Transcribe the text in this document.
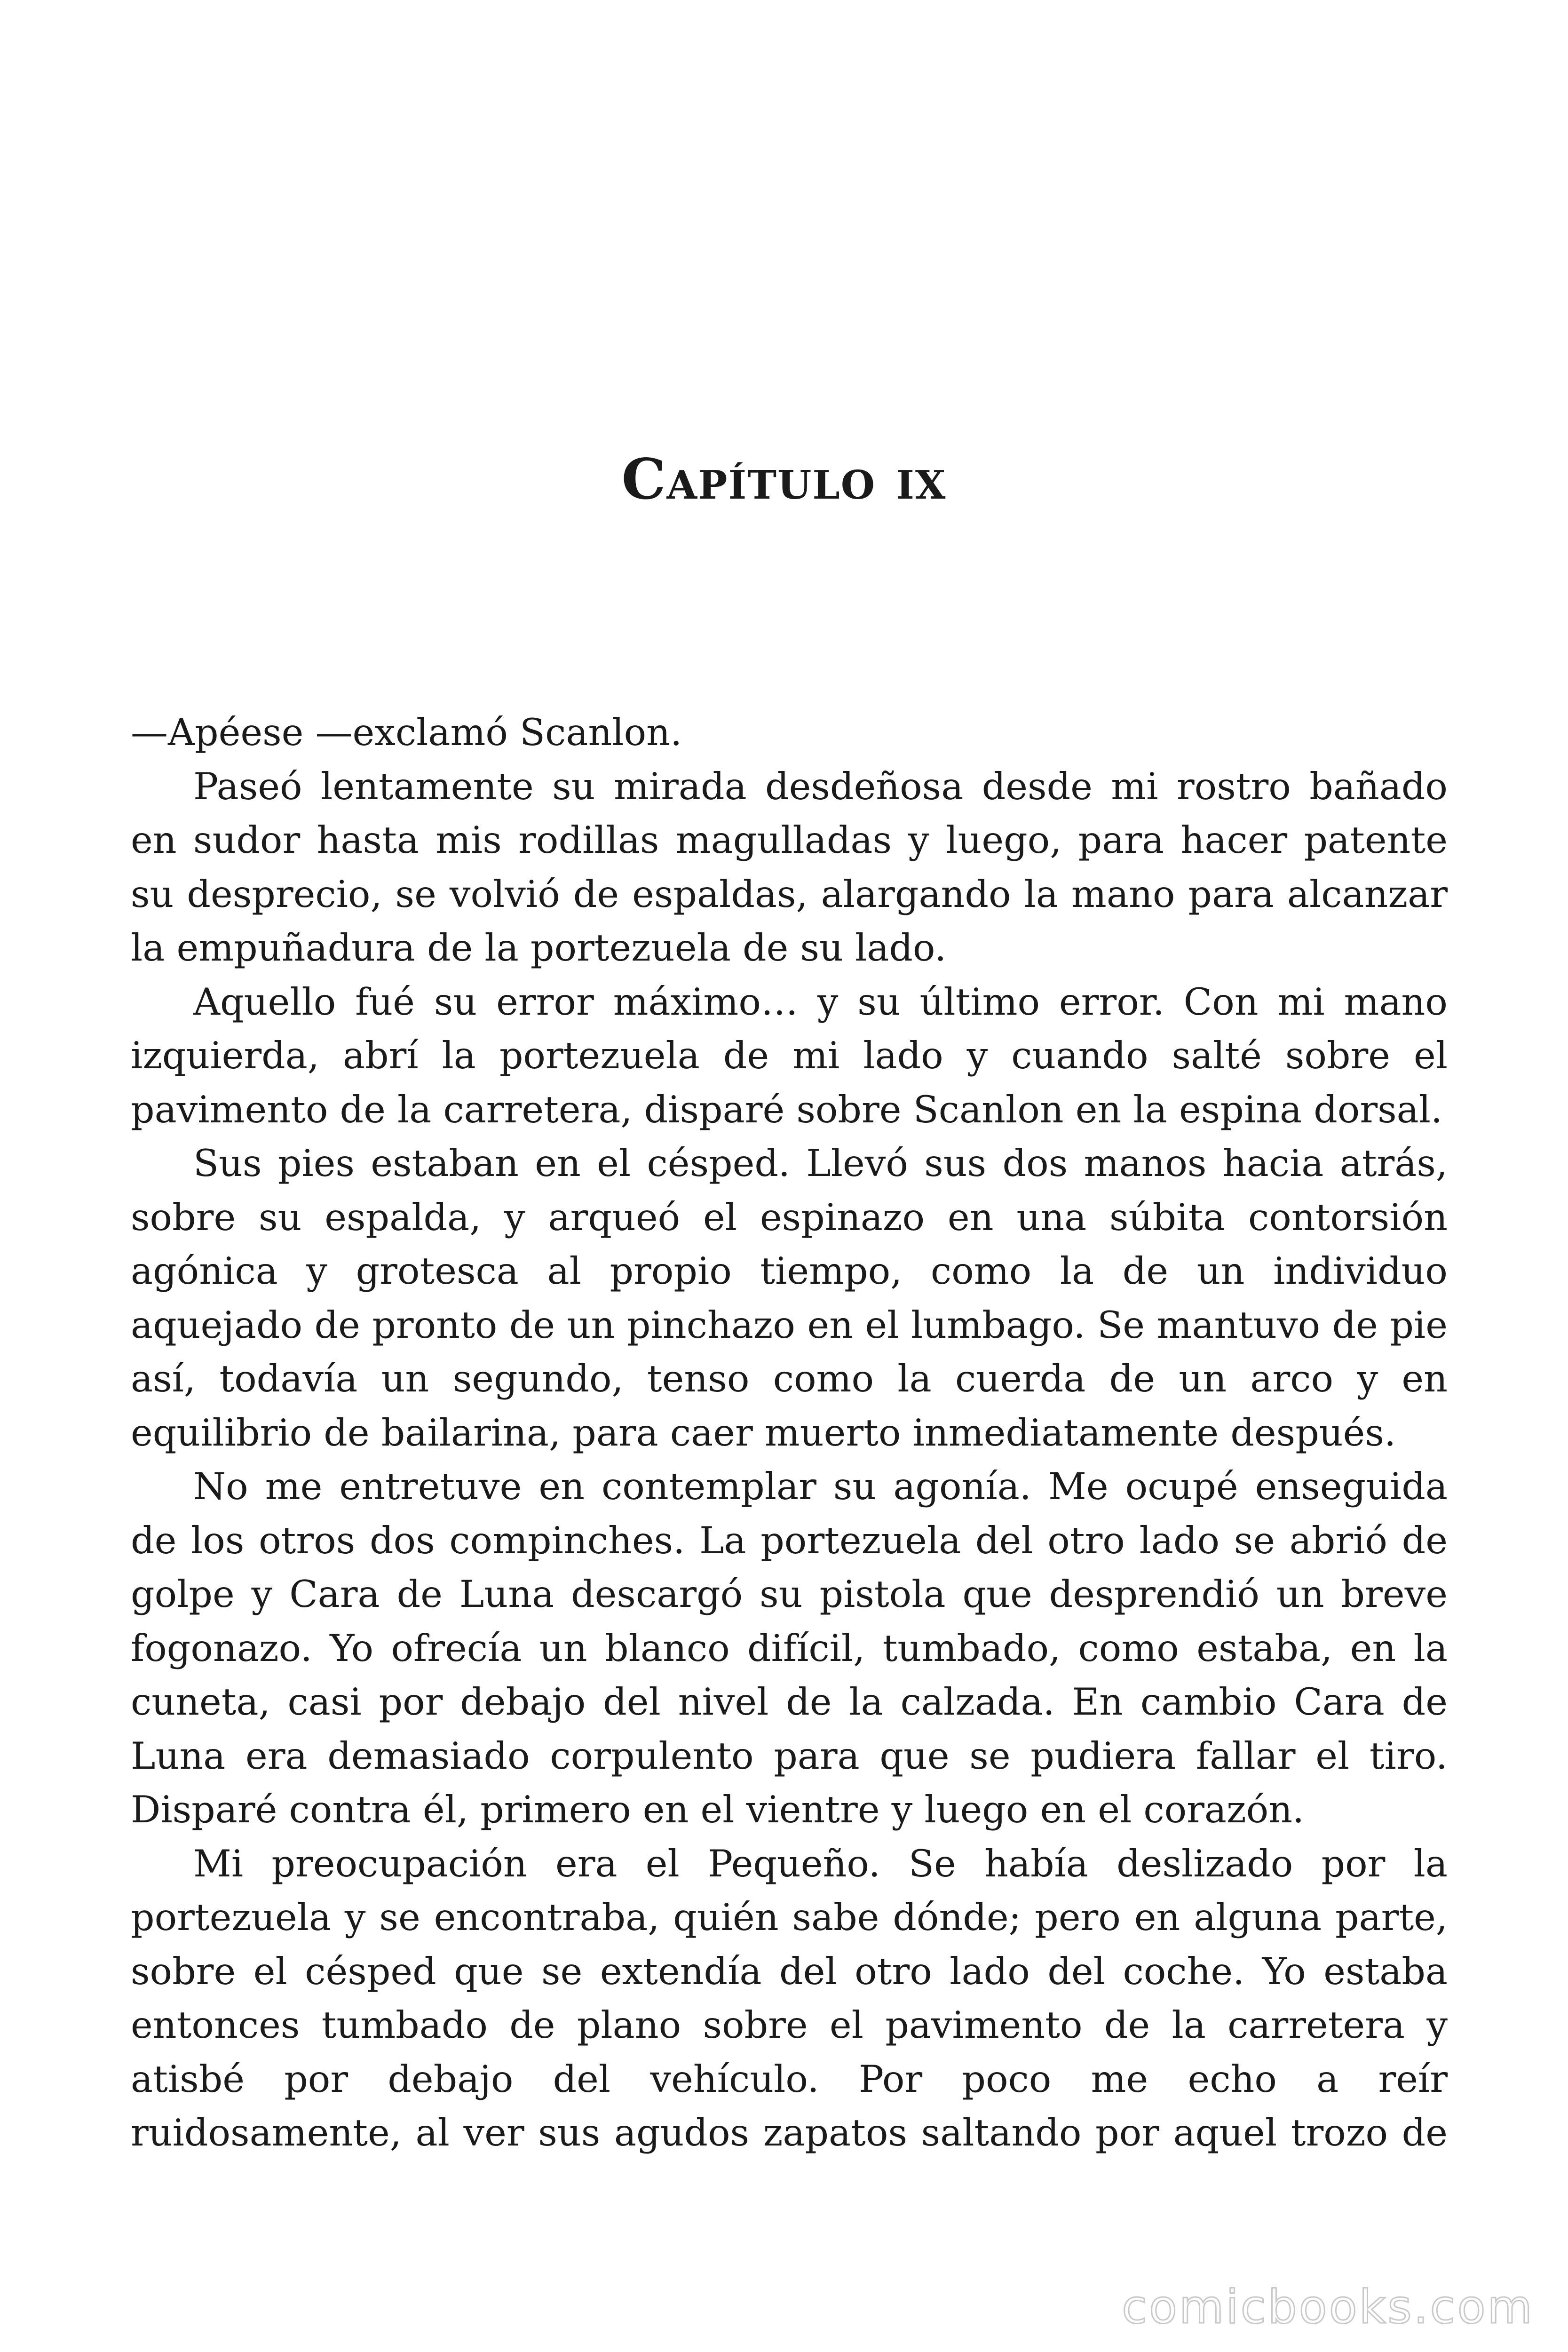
Capítulo ix

—Apéese —exclamó Scanlon.

Paseó lentamente su mirada desdeñosa desde mi rostro bañado en sudor hasta mis rodillas magulladas y luego, para hacer patente su desprecio, se volvió de espaldas, alargando la mano para alcanzar la empuñadura de la portezuela de su lado.

Aquello fué su error máximo… y su último error. Con mi mano izquierda, abrí la portezuela de mi lado y cuando salté sobre el pavimento de la carretera, disparé sobre Scanlon en la espina dorsal.

Sus pies estaban en el césped. Llevó sus dos manos hacia atrás, sobre su espalda, y arqueó el espinazo en una súbita contorsión agónica y grotesca al propio tiempo, como la de un individuo aquejado de pronto de un pinchazo en el lumbago. Se mantuvo de pie así, todavía un segundo, tenso como la cuerda de un arco y en equilibrio de bailarina, para caer muerto inmediatamente después.

No me entretuve en contemplar su agonía. Me ocupé enseguida de los otros dos compinches. La portezuela del otro lado se abrió de golpe y Cara de Luna descargó su pistola que desprendió un breve fogonazo. Yo ofrecía un blanco difícil, tumbado, como estaba, en la cuneta, casi por debajo del nivel de la calzada. En cambio Cara de Luna era demasiado corpulento para que se pudiera fallar el tiro. Disparé contra él, primero en el vientre y luego en el corazón.

Mi preocupación era el Pequeño. Se había deslizado por la portezuela y se encontraba, quién sabe dónde; pero en alguna parte, sobre el césped que se extendía del otro lado del coche. Yo estaba entonces tumbado de plano sobre el pavimento de la carretera y atisbé por debajo del vehículo. Por poco me echo a reír ruidosamente, al ver sus agudos zapatos saltando por aquel trozo de

comicbooks.com
